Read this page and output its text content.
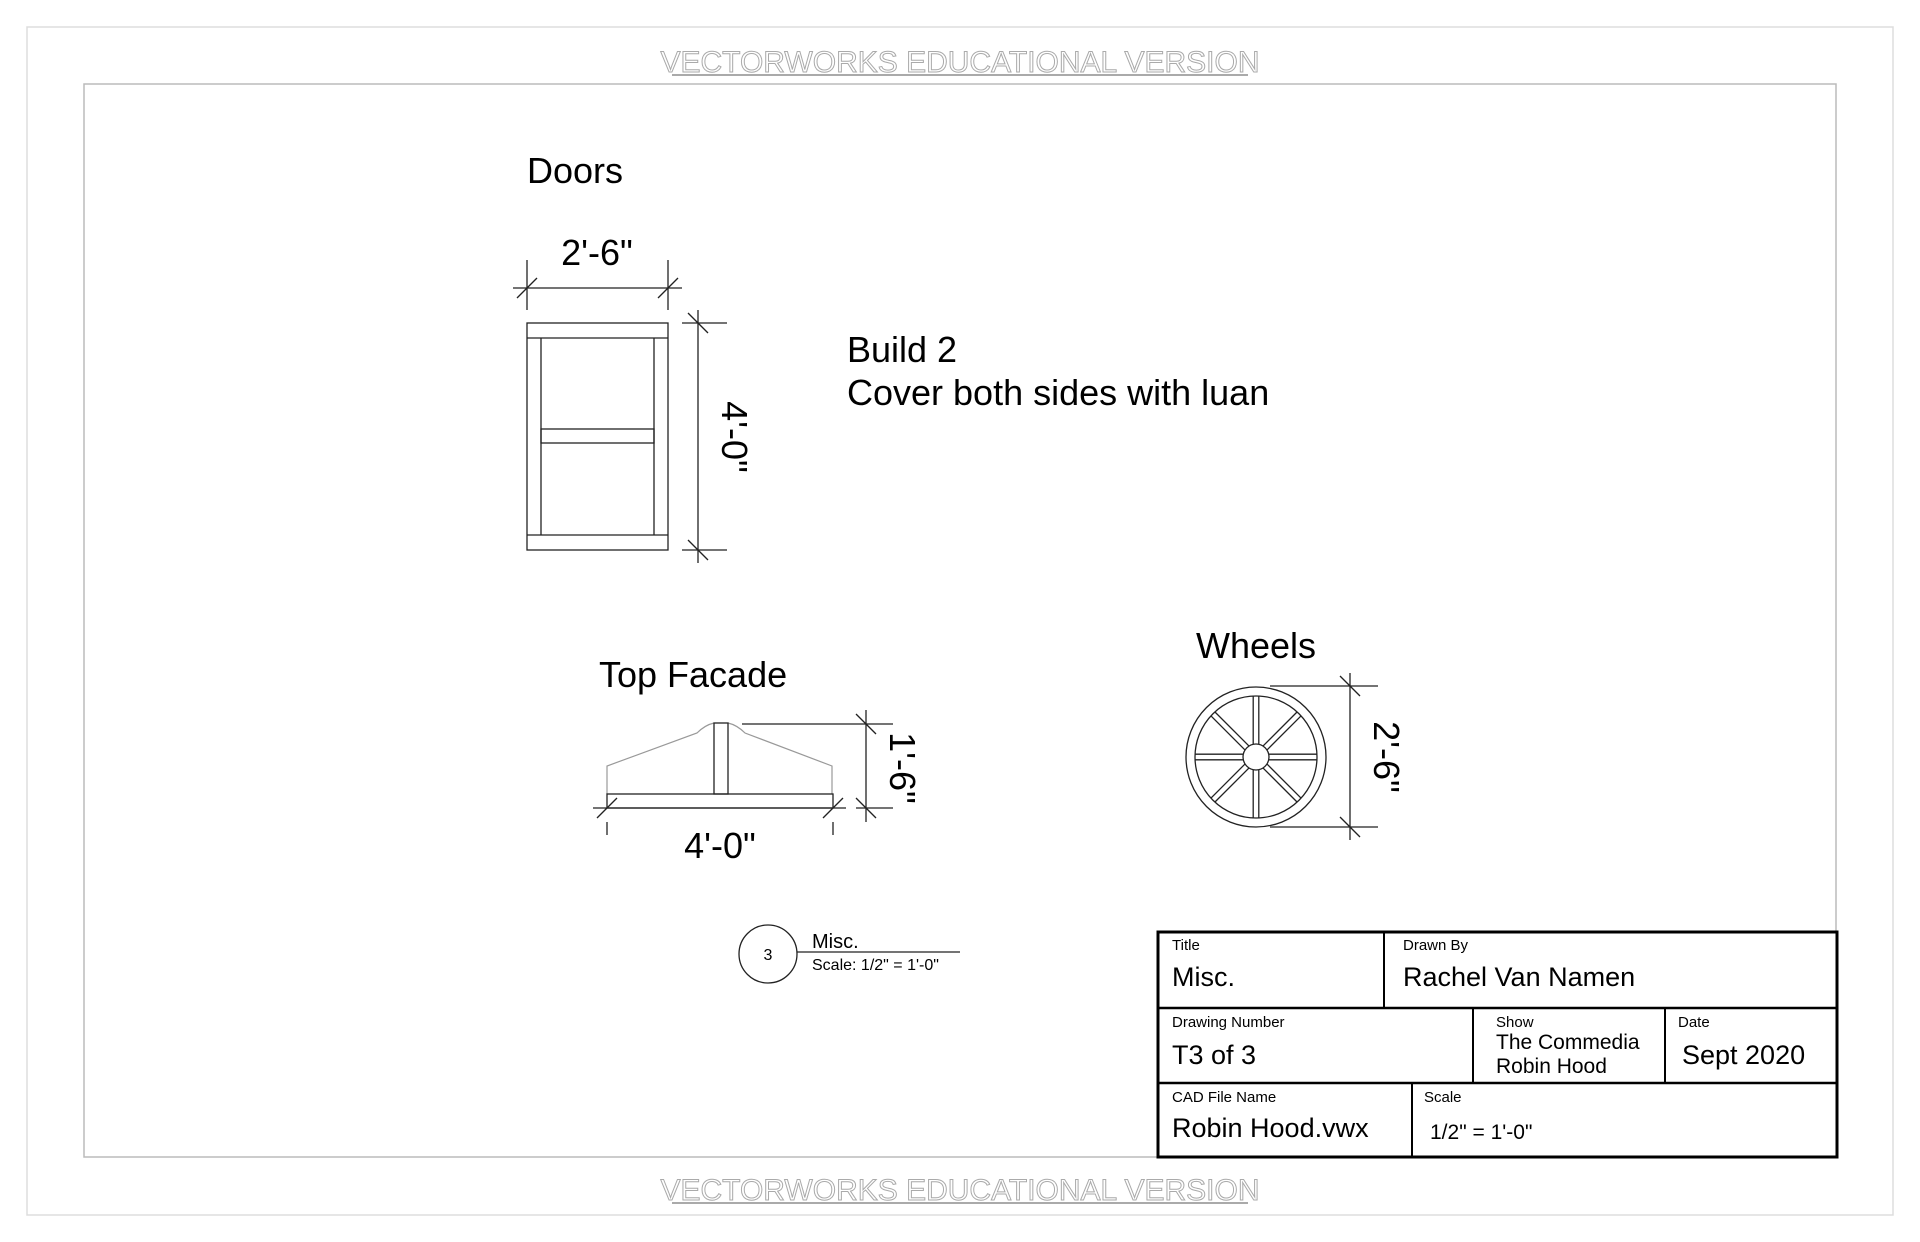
VECTORWORKS EDUCATIONAL VERSION
VECTORWORKS EDUCATIONAL VERSION
Doors
2'-6"
4'-0"
Build 2
Cover both sides with luan
Top Facade
4'-0"
1'-6"
Wheels
2'-6"
3
Misc.
Scale: 1/2" = 1'-0"
Title
Misc.
Drawn By
Rachel Van Namen
Drawing Number
T3 of 3
Show
The Commedia
Robin Hood
Date
Sept 2020
CAD File Name
Robin Hood.vwx
Scale
1/2" = 1'-0"
